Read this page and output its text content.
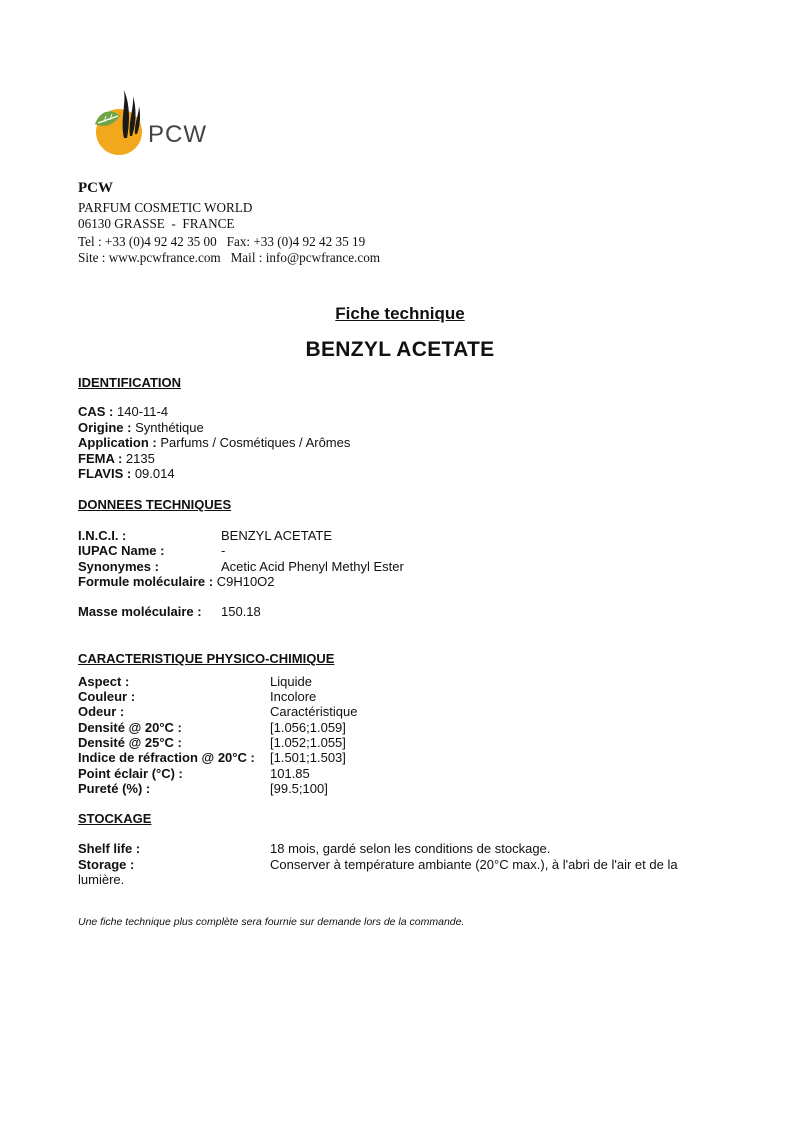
PCW
PCW
PARFUM COSMETIC WORLD
06130 GRASSE  -  FRANCE
Tel : +33 (0)4 92 42 35 00   Fax: +33 (0)4 92 42 35 19
Site : www.pcwfrance.com   Mail : info@pcwfrance.com
Fiche technique
BENZYL ACETATE
IDENTIFICATION
CAS : 140-11-4
Origine : Synthétique
Application : Parfums / Cosmétiques / Arômes
FEMA : 2135
FLAVIS : 09.014
DONNEES TECHNIQUES
I.N.C.I. :	BENZYL ACETATE
IUPAC Name :	-
Synonymes :	Acetic Acid Phenyl Methyl Ester
Formule moléculaire : C9H10O2
Masse moléculaire : 150.18
CARACTERISTIQUE PHYSICO-CHIMIQUE
Aspect :	Liquide
Couleur :	Incolore
Odeur :	Caractéristique
Densité @ 20°C :	[1.056;1.059]
Densité @ 25°C :	[1.052;1.055]
Indice de réfraction @ 20°C : [1.501;1.503]
Point éclair (°C) :	101.85
Pureté (%) :	[99.5;100]
STOCKAGE
Shelf life :	18 mois, gardé selon les conditions de stockage.
Storage :	Conserver à température ambiante (20°C max.), à l'abri de l'air et de la
lumière.
Une fiche technique plus complète sera fournie sur demande lors de la commande.
